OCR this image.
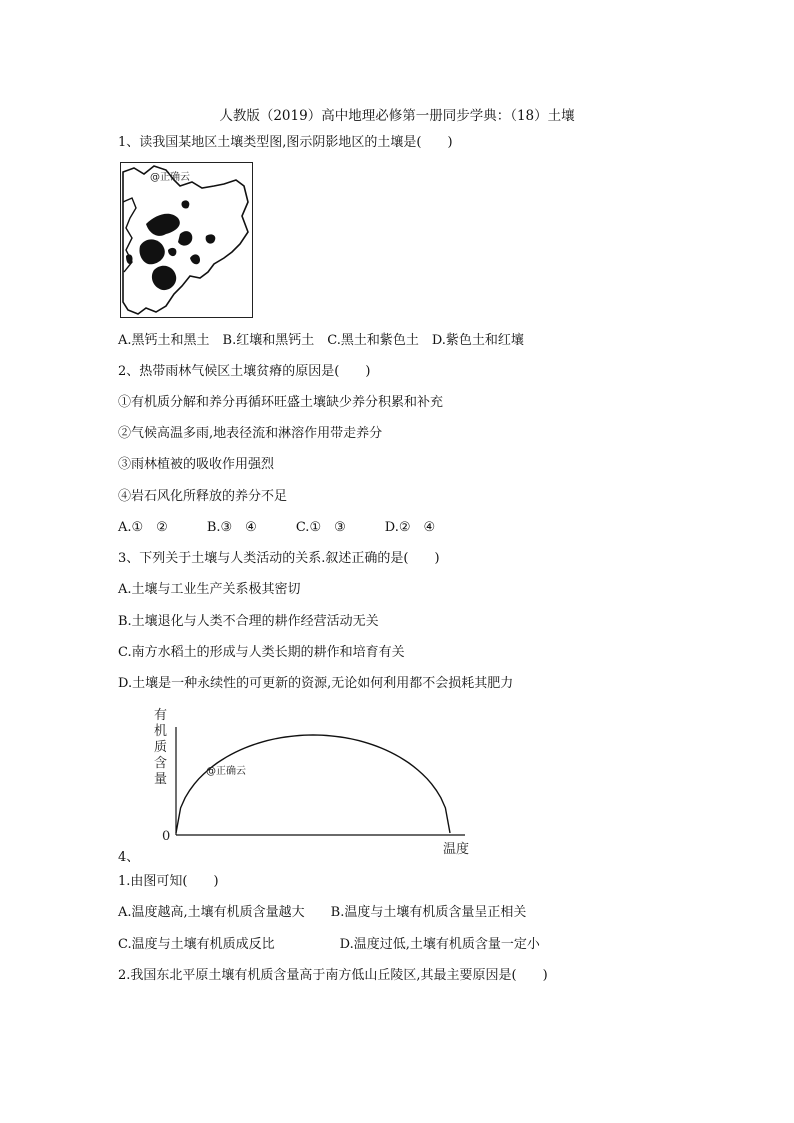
人教版（2019）高中地理必修第一册同步学典：（18）土壤
1、读我国某地区土壤类型图,图示阴影地区的土壤是(　　)
@正确云
A.黑钙土和黑土　B.红壤和黑钙土　C.黑土和紫色土　D.紫色土和红壤
2、热带雨林气候区土壤贫瘠的原因是(　　)
①有机质分解和养分再循环旺盛土壤缺少养分积累和补充
②气候高温多雨,地表径流和淋溶作用带走养分
③雨林植被的吸收作用强烈
④岩石风化所释放的养分不足
A.①　②　　　B.③　④　　　C.①　③　　　D.②　④
3、下列关于土壤与人类活动的关系.叙述正确的是(　　)
A.土壤与工业生产关系极其密切
B.土壤退化与人类不合理的耕作经营活动无关
C.南方水稻土的形成与人类长期的耕作和培育有关
D.土壤是一种永续性的可更新的资源,无论如何利用都不会损耗其肥力
有
机
质
含
量
0
@正确云
温度
4、
1.由图可知(　　)
A.温度越高,土壤有机质含量越大　　B.温度与土壤有机质含量呈正相关
C.温度与土壤有机质成反比　　　　　D.温度过低,土壤有机质含量一定小
2.我国东北平原土壤有机质含量高于南方低山丘陵区,其最主要原因是(　　)
